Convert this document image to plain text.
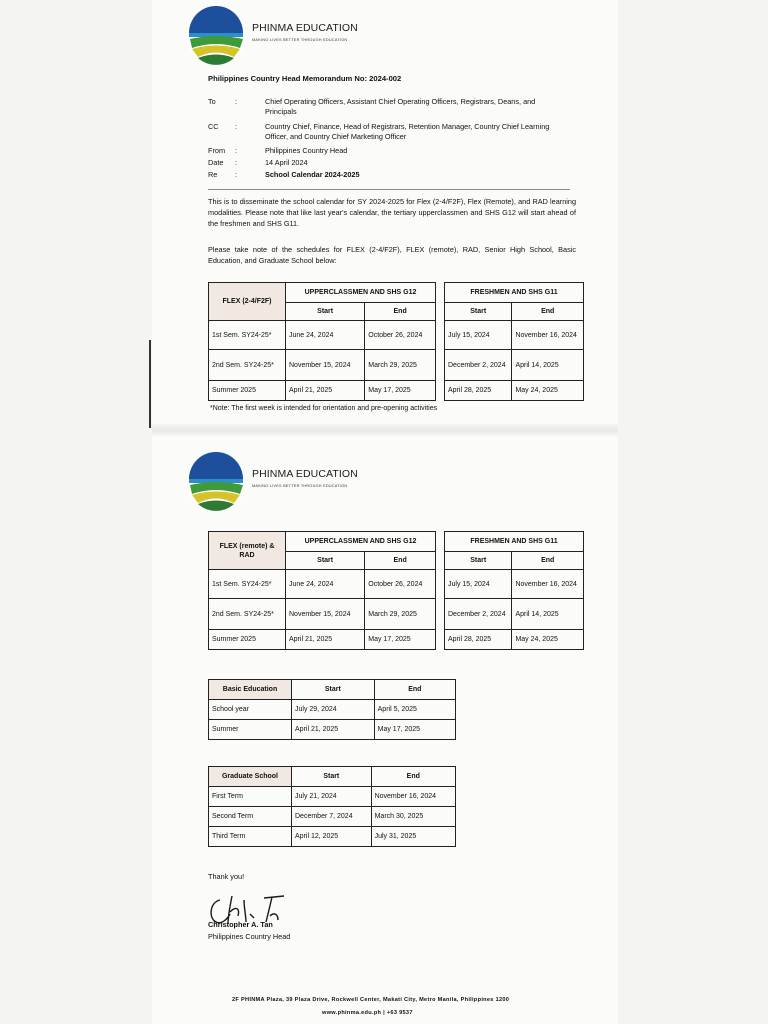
PHINMA EDUCATION
MAKING LIVES BETTER THROUGH EDUCATION
Philippines Country Head Memorandum No: 2024-002
To	:	Chief Operating Officers, Assistant Chief Operating Officers, Registrars, Deans, and Principals
CC	:	Country Chief, Finance, Head of Registrars, Retention Manager, Country Chief Learning Officer, and Country Chief Marketing Officer
From	:	Philippines Country Head
Date	:	14 April 2024
Re	:	School Calendar 2024-2025
This is to disseminate the school calendar for SY 2024-2025 for Flex (2-4/F2F), Flex (Remote), and RAD learning modalities. Please note that like last year's calendar, the tertiary upperclassmen and SHS G12 will start ahead of the freshmen and SHS G11.
Please take note of the schedules for FLEX (2-4/F2F), FLEX (remote), RAD, Senior High School, Basic Education, and Graduate School below:
FLEX (2-4/F2F)	UPPERCLASSMEN AND SHS G12	
	Start	End
1st Sem. SY24-25*	June 24, 2024	October 26, 2024
2nd Sem. SY24-25*	November 15, 2024	March 29, 2025
Summer 2025	April 21, 2025	May 17, 2025
FRESHMEN AND SHS G11	
Start	End
July 15, 2024	November 16, 2024
December 2, 2024	April 14, 2025
April 28, 2025	May 24, 2025
*Note: The first week is intended for orientation and pre-opening activities
PHINMA EDUCATION
MAKING LIVES BETTER THROUGH EDUCATION
FLEX (remote) & RAD	UPPERCLASSMEN AND SHS G12	
	Start	End
1st Sem. SY24-25*	June 24, 2024	October 26, 2024
2nd Sem. SY24-25*	November 15, 2024	March 29, 2025
Summer 2025	April 21, 2025	May 17, 2025
FRESHMEN AND SHS G11	
Start	End
July 15, 2024	November 16, 2024
December 2, 2024	April 14, 2025
April 28, 2025	May 24, 2025
Basic Education	Start	End
School year	July 29, 2024	April 5, 2025
Summer	April 21, 2025	May 17, 2025
Graduate School	Start	End
First Term	July 21, 2024	November 16, 2024
Second Term	December 7, 2024	March 30, 2025
Third Term	April 12, 2025	July 31, 2025
Thank you!
Christopher A. Tan
Philippines Country Head
2F PHINMA Plaza, 39 Plaza Drive, Rockwell Center, Makati City, Metro Manila, Philippines 1200
www.phinma.edu.ph | +63 9537
